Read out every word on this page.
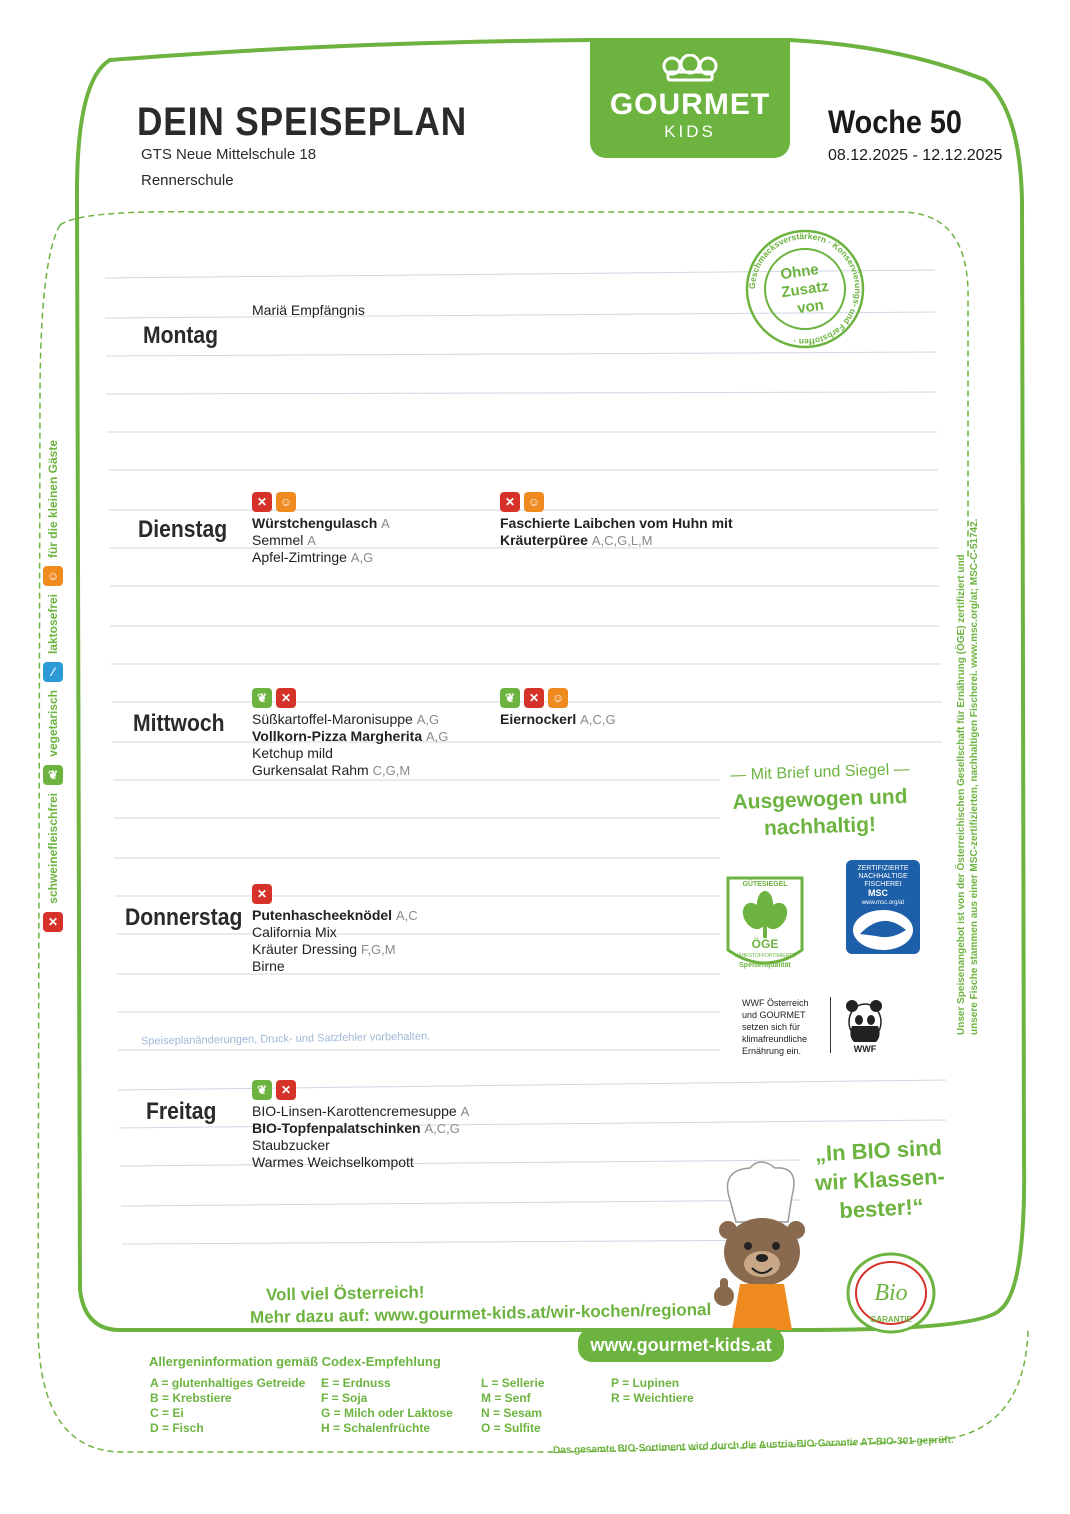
DEIN SPEISEPLAN
GTS Neue Mittelschule 18
Rennerschule
GOURMET
KIDS	Woche 50
08.12.2025 - 12.12.2025
Geschmacksverstärkern · Konservierungs- und Farbstoffen ·
Ohne
Zusatz
von
Montag
Mariä Empfängnis
Dienstag
✕	☺
Würstchengulasch A
Semmel A
Apfel-Zimtringe A,G
✕	☺
Faschierte Laibchen vom Huhn mit
Kräuterpüree A,C,G,L,M
Mittwoch
❦	✕
Süßkartoffel-Maronisuppe A,G
Vollkorn-Pizza Margherita A,G
Ketchup mild
Gurkensalat Rahm C,G,M
❦	✕	☺
Eiernockerl A,C,G
Donnerstag
✕
Putenhascheeknödel A,C
California Mix
Kräuter Dressing F,G,M
Birne
Speiseplanänderungen, Druck- und Satzfehler vorbehalten.
Freitag
❦	✕
BIO-Linsen-Karottencremesuppe A
BIO-Topfenpalatschinken A,C,G
Staubzucker
Warmes Weichselkompott
für die kleinen Gäste
☺
laktosefrei
⁄
vegetarisch
❦
schweinefleischfrei
✕	Unser Speisenangebot ist von der Österreichischen Gesellschaft für Ernährung (ÖGE) zertifiziert und unsere Fische stammen aus einer MSC-zertifizierten, nachhaltigen Fischerei. www.msc.org/at; MSC-C-51742.
— Mit Brief und Siegel —
Ausgewogen und
nachhaltig!
GÜTESIEGEL
ÖGE
NÄHRSTOFFOPTIMIERTE
Speisenqualität
ZERTIFIZIERTE
NACHHALTIGE
FISCHEREI
MSC
www.msc.org/at
WWF Österreich
und GOURMET
setzen sich für
klimafreundliche
Ernährung ein.	WWF
„In BIO sind
wir Klassen-
bester!“
Bio
GARANTIE
Voll viel Österreich!
Mehr dazu auf: www.gourmet-kids.at/wir-kochen/regional
www.gourmet-kids.at
Allergeninformation gemäß Codex-Empfehlung
A = glutenhaltiges Getreide
B = Krebstiere
C = Ei
D = Fisch
E = Erdnuss
F = Soja
G = Milch oder Laktose
H = Schalenfrüchte
L = Sellerie
M = Senf
N = Sesam
O = Sulfite
P = Lupinen
R = Weichtiere
Das gesamte BIO-Sortiment wird durch die Austria-BIO-Garantie AT-BIO-301 geprüft.
